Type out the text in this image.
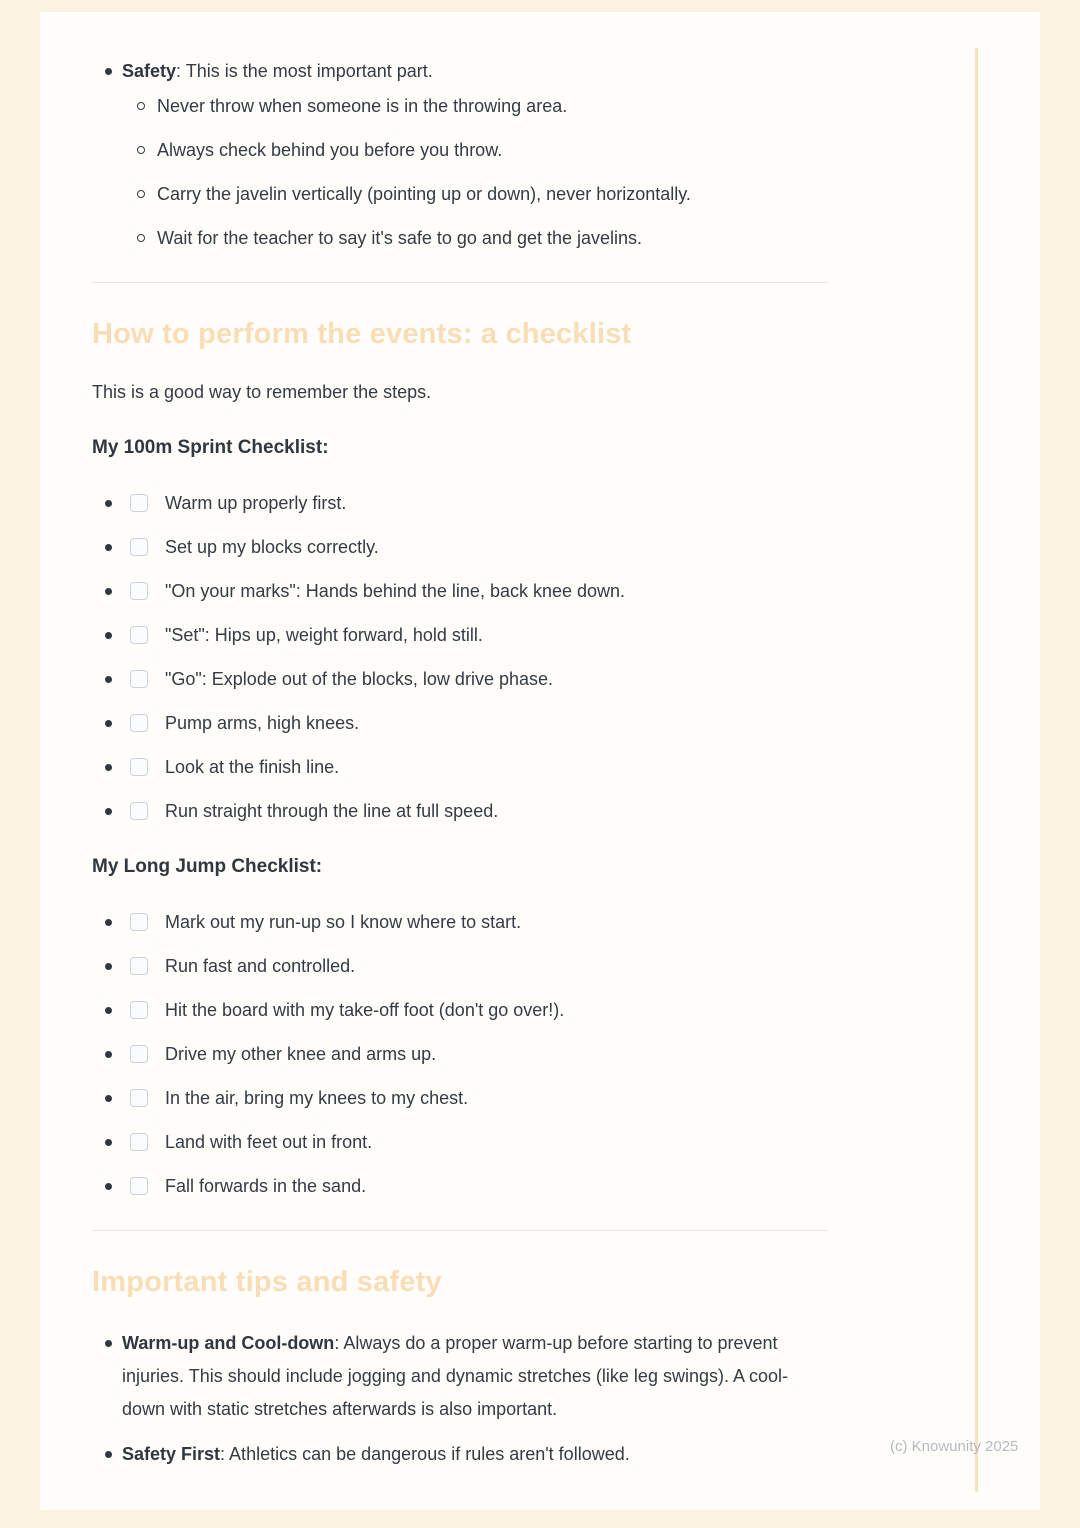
Safety: This is the most important part.

Never throw when someone is in the throwing area.
Always check behind you before you throw.
Carry the javelin vertically (pointing up or down), never horizontally.
Wait for the teacher to say it's safe to go and get the javelins.
How to perform the events: a checklist

This is a good way to remember the steps.

My 100m Sprint Checklist:
Warm up properly first.
Set up my blocks correctly.
"On your marks": Hands behind the line, back knee down.
"Set": Hips up, weight forward, hold still.
"Go": Explode out of the blocks, low drive phase.
Pump arms, high knees.
Look at the finish line.
Run straight through the line at full speed.
My Long Jump Checklist:
Mark out my run-up so I know where to start.
Run fast and controlled.
Hit the board with my take-off foot (don't go over!).
Drive my other knee and arms up.
In the air, bring my knees to my chest.
Land with feet out in front.
Fall forwards in the sand.
Important tips and safety

Warm-up and Cool-down: Always do a proper warm-up before starting to prevent injuries. This should include jogging and dynamic stretches (like leg swings). A cool-down with static stretches afterwards is also important.

Safety First: Athletics can be dangerous if rules aren't followed.	(c) Knowunity 2025
